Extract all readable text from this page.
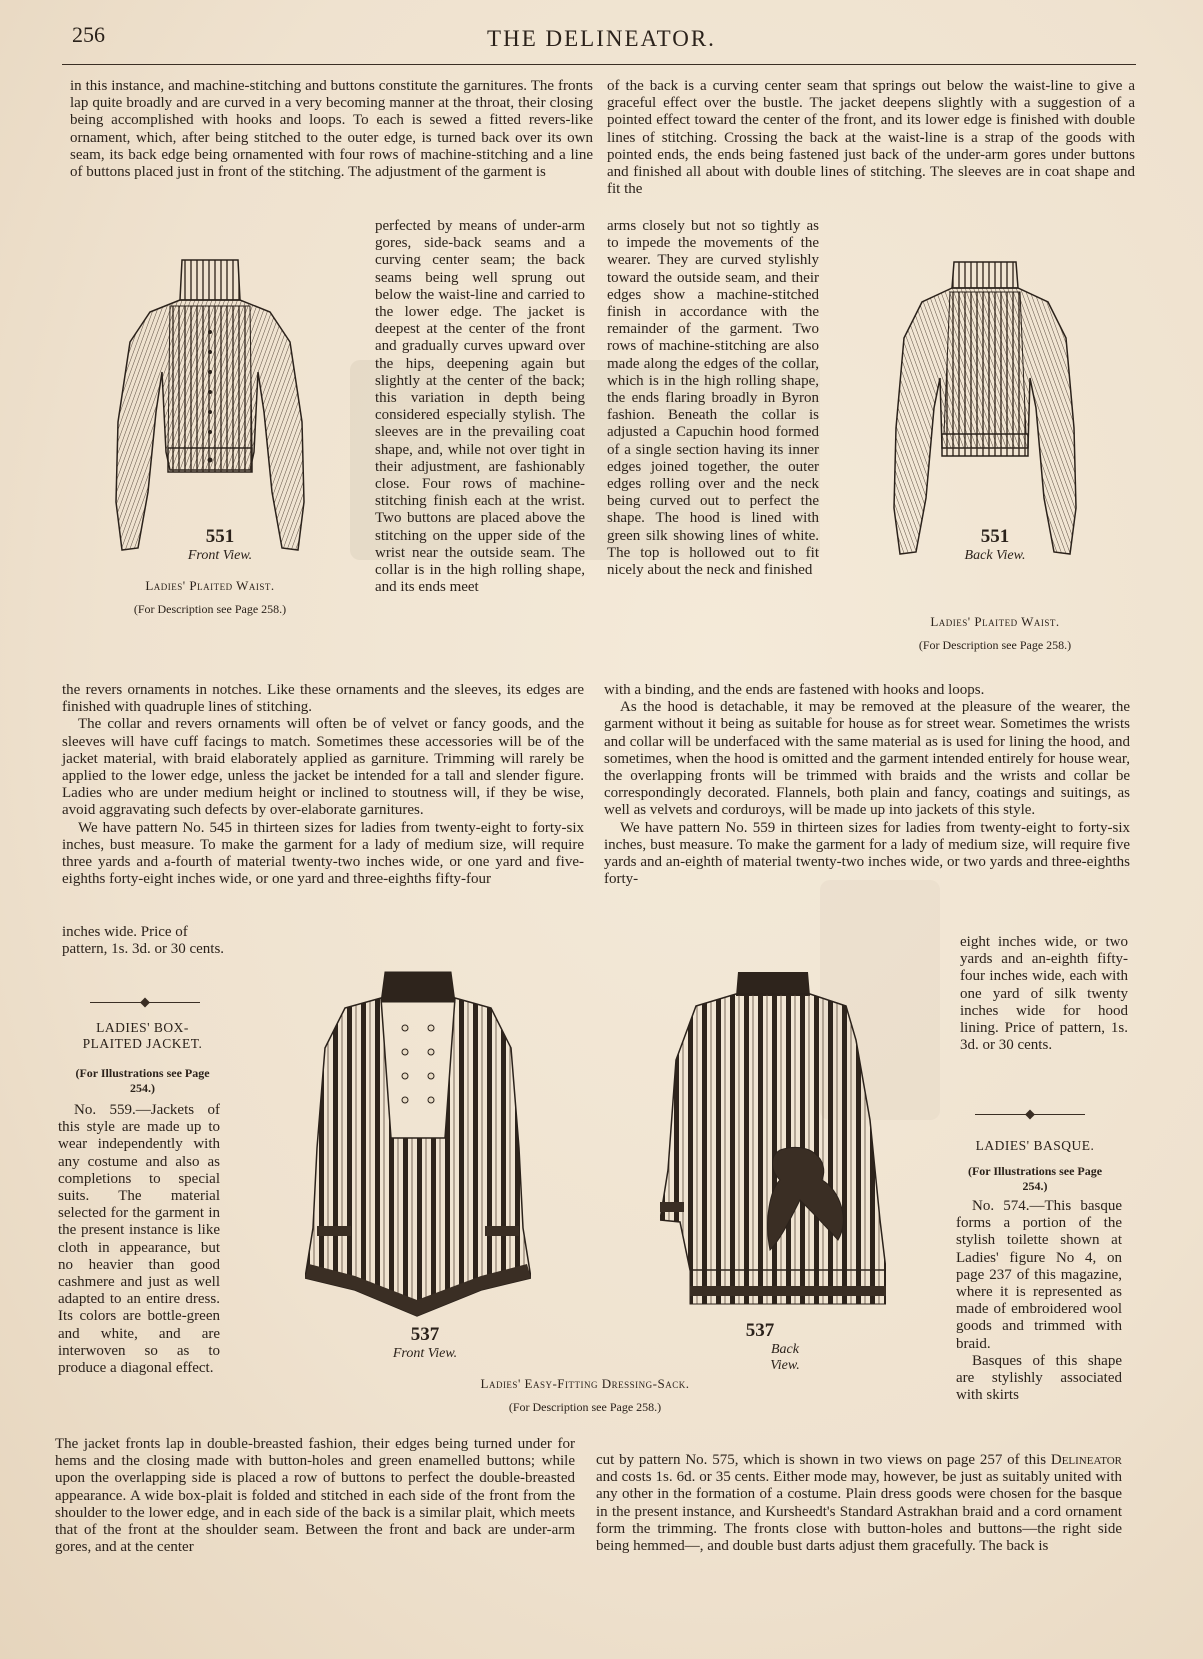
256	THE DELINEATOR.
in this instance, and machine-stitching and buttons constitute the garnitures. The fronts lap quite broadly and are curved in a very becoming manner at the throat, their closing being accomplished with hooks and loops. To each is sewed a fitted revers-like ornament, which, after being stitched to the outer edge, is turned back over its own seam, its back edge being ornamented with four rows of machine-stitching and a line of buttons placed just in front of the stitching. The adjustment of the garment is
551
Front View.
Ladies' Plaited Waist.
(For Description see Page 258.)
perfected by means of under-arm gores, side-back seams and a curving center seam; the back seams being well sprung out below the waist-line and carried to the lower edge. The jacket is deepest at the center of the front and gradually curves upward over the hips, deepening again but slightly at the center of the back; this variation in depth being considered especially stylish. The sleeves are in the prevailing coat shape, and, while not over tight in their adjustment, are fashionably close. Four rows of machine-stitching finish each at the wrist. Two buttons are placed above the stitching on the upper side of the wrist near the outside seam. The collar is in the high rolling shape, and its ends meet
arms closely but not so tightly as to impede the movements of the wearer. They are curved stylishly toward the outside seam, and their edges show a machine-stitched finish in accordance with the remainder of the garment. Two rows of machine-stitching are also made along the edges of the collar, which is in the high rolling shape, the ends flaring broadly in Byron fashion. Beneath the collar is adjusted a Capuchin hood formed of a single section having its inner edges joined together, the outer edges rolling over and the neck being curved out to perfect the shape. The hood is lined with green silk showing lines of white. The top is hollowed out to fit nicely about the neck and finished
of the back is a curving center seam that springs out below the waist-line to give a graceful effect over the bustle. The jacket deepens slightly with a suggestion of a pointed effect toward the center of the front, and its lower edge is finished with double lines of stitching. Crossing the back at the waist-line is a strap of the goods with pointed ends, the ends being fastened just back of the under-arm gores under buttons and finished all about with double lines of stitching. The sleeves are in coat shape and fit the
551
Back View.
Ladies' Plaited Waist.
(For Description see Page 258.)

the revers ornaments in notches. Like these ornaments and the sleeves, its edges are finished with quadruple lines of stitching.

The collar and revers ornaments will often be of velvet or fancy goods, and the sleeves will have cuff facings to match. Sometimes these accessories will be of the jacket material, with braid elaborately applied as garniture. Trimming will rarely be applied to the lower edge, unless the jacket be intended for a tall and slender figure. Ladies who are under medium height or inclined to stoutness will, if they be wise, avoid aggravating such defects by over-elaborate garnitures.

We have pattern No. 545 in thirteen sizes for ladies from twenty-eight to forty-six inches, bust measure. To make the garment for a lady of medium size, will require three yards and a-fourth of material twenty-two inches wide, or one yard and five-eighths forty-eight inches wide, or one yard and three-eighths fifty-four

inches wide. Price of pattern, 1s. 3d. or 30 cents.

with a binding, and the ends are fastened with hooks and loops.

As the hood is detachable, it may be removed at the pleasure of the wearer, the garment without it being as suitable for house as for street wear. Sometimes the wrists and collar will be underfaced with the same material as is used for lining the hood, and sometimes, when the hood is omitted and the garment intended entirely for house wear, the overlapping fronts will be trimmed with braids and the wrists and collar be correspondingly decorated. Flannels, both plain and fancy, coatings and suitings, as well as velvets and corduroys, will be made up into jackets of this style.

We have pattern No. 559 in thirteen sizes for ladies from twenty-eight to forty-six inches, bust measure. To make the garment for a lady of medium size, will require five yards and an-eighth of material twenty-two inches wide, or two yards and three-eighths forty-

eight inches wide, or two yards and an-eighth fifty-four inches wide, each with one yard of silk twenty inches wide for hood lining. Price of pattern, 1s. 3d. or 30 cents.
LADIES' BOX-
PLAITED JACKET.
(For Illustrations see Page
254.)
No. 559.—Jackets of this style are made up to wear independently with any costume and also as completions to special suits. The material selected for the garment in the present instance is like cloth in appearance, but no heavier than good cashmere and just as well adapted to an entire dress. Its colors are bottle-green and white, and are interwoven so as to produce a diagonal effect.
537
Front View.
537
Back View.
Ladies' Easy-Fitting Dressing-Sack.
(For Description see Page 258.)
LADIES' BASQUE.
(For Illustrations see Page
254.)

No. 574.—This basque forms a portion of the stylish toilette shown at Ladies' figure No 4, on page 237 of this magazine, where it is represented as made of embroidered wool goods and trimmed with braid.

Basques of this shape are stylishly associated with skirts

The jacket fronts lap in double-breasted fashion, their edges being turned under for hems and the closing made with button-holes and green enamelled buttons; while upon the overlapping side is placed a row of buttons to perfect the double-breasted appearance. A wide box-plait is folded and stitched in each side of the front from the shoulder to the lower edge, and in each side of the back is a similar plait, which meets that of the front at the shoulder seam. Between the front and back are under-arm gores, and at the center
cut by pattern No. 575, which is shown in two views on page 257 of this Delineator and costs 1s. 6d. or 35 cents. Either mode may, however, be just as suitably united with any other in the formation of a costume. Plain dress goods were chosen for the basque in the present instance, and Kursheedt's Standard Astrakhan braid and a cord ornament form the trimming. The fronts close with button-holes and buttons—the right side being hemmed—, and double bust darts adjust them gracefully. The back is
